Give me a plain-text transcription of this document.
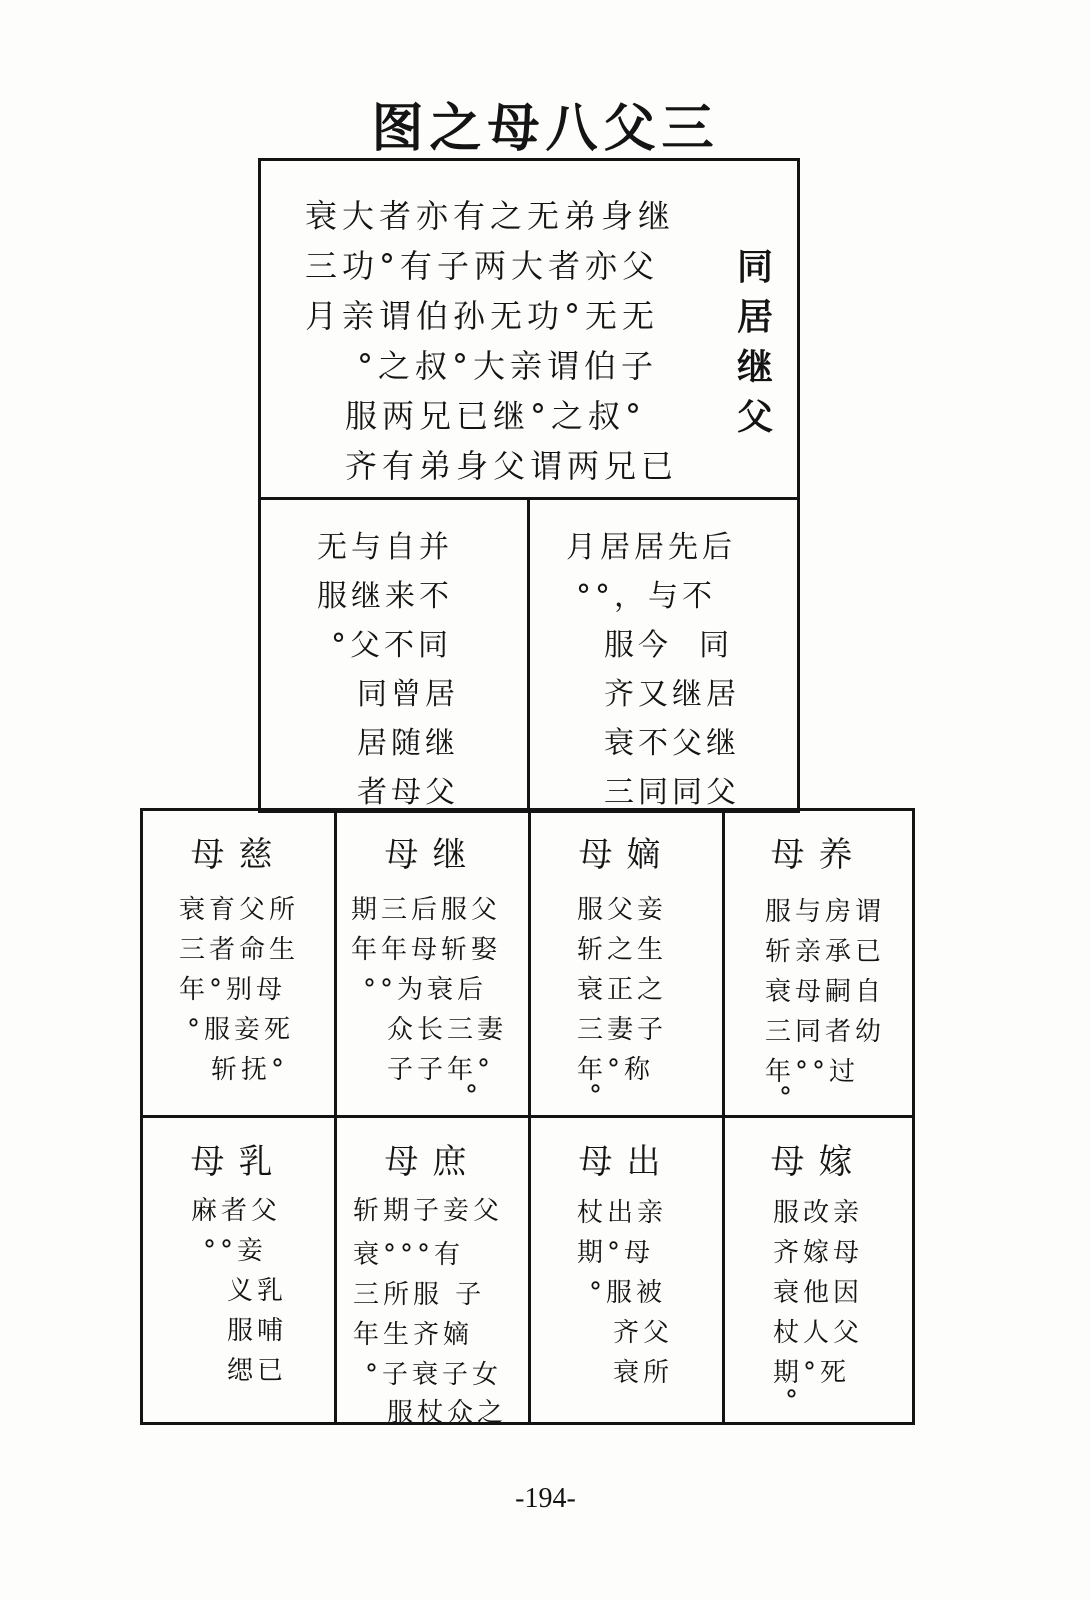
图之母八父三
衰大者亦有之无弟身继
三功°有子两大者亦父
月亲谓伯孙无功°无无
°之叔°大亲谓伯子
服两兄已继°之叔°
齐有弟身父谓两兄已
同
居
继
父
无与自并
服继来不
°父不同
同曾居
居随继
者母父
月居居先后
°°，与不
服今  同
齐又继居
衰不父继
三同同父
母慈
衰育父所
三者命生
年°别母
°服妾死
斩抚°
母继
期三后服父
年年母斩娶
°°为衰后
众长三妻
子子年°
°
母嫡
服父妾
斩之生
衰正之
三妻子
年°称
°
母养
服与房谓
斩亲承已
衰母嗣自
三同者幼
年°°过
°
母乳
麻者父
°°妾
义乳
服哺
缌已
母庶
斩期子妾父
衰°°°有
三所服 子
年生齐嫡
°子衰子女
服杖众之
母出
杖出亲
期°母
°服被
齐父
衰所
母嫁
服改亲
齐嫁母
衰他因
杖人父
期°死
°
-194-
